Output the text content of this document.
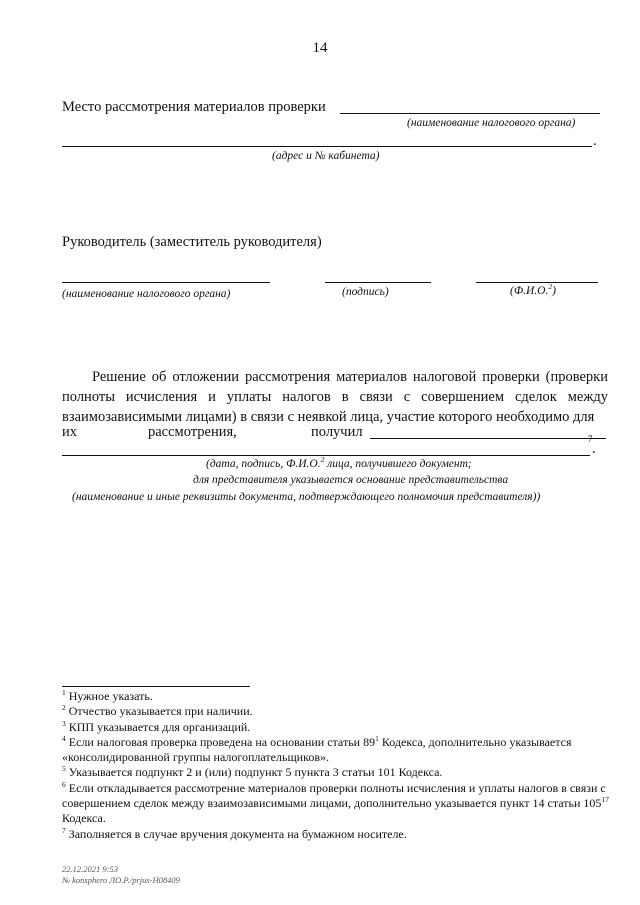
14
Место рассмотрения материалов проверки
(наименование налогового органа)
.
(адрес и № кабинета)
Руководитель (заместитель руководителя)
(наименование налогового органа)	(подпись)	(Ф.И.О.$^2$)
Решение об отложении рассмотрения материалов налоговой проверки (проверки полноты исчисления и уплаты налогов в связи с совершением сделок между взаимозависимыми лицами) в связи с неявкой лица, участие которого необходимо для
их	рассмотрения,	получил	7
.
(дата, подпись, Ф.И.О.$^2$ лица, получившего документ;
для представителя указывается основание представительства
(наименование и иные реквизиты документа, подтверждающего полномочия представителя))
$^1$ Нужное указать.
$^2$ Отчество указывается при наличии.
$^3$ КПП указывается для организаций.
$^4$ Если налоговая проверка проведена на основании статьи $89^1$ Кодекса, дополнительно указывается «консолидированной группы налогоплательщиков».
$^5$ Указывается подпункт 2 и (или) подпункт 5 пункта 3 статьи 101 Кодекса.
$^6$ Если откладывается рассмотрение материалов проверки полноты исчисления и уплаты налогов в связи с совершением сделок между взаимозависимыми лицами, дополнительно указывается пункт 14 статьи $105^{17}$ Кодекса.
$^7$ Заполняется в случае вручения документа на бумажном носителе.
22.12.2021 9:53
№ konsphero ЛО.Р./prjus-H08409
